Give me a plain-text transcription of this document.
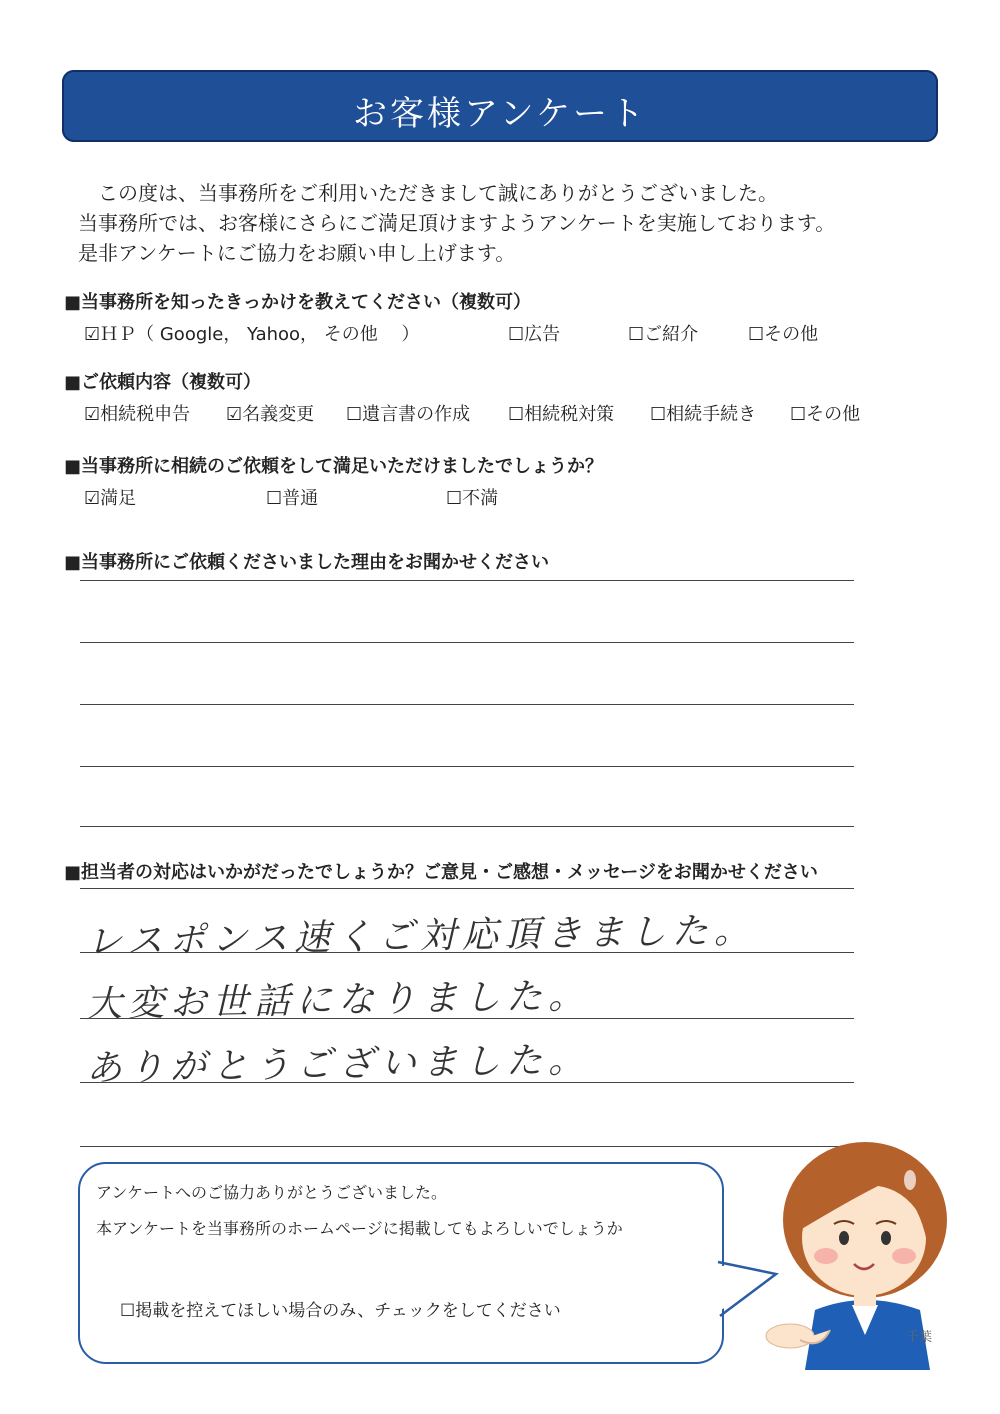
お客様アンケート
　この度は、当事務所をご利用いただきまして誠にありがとうございました。
当事務所では、お客様にさらにご満足頂けますようアンケートを実施しております。
是非アンケートにご協力をお願い申し上げます。
■当事務所を知ったきっかけを教えてください（複数可）
☑ＨＰ（ Google， Yahoo， その他　 ）	☐広告	☐ご紹介	☐その他
■ご依頼内容（複数可）
☑相続税申告 ☑名義変更 ☐遺言書の作成 ☐相続税対策 ☐相続手続き ☐その他
■当事務所に相続のご依頼をして満足いただけましたでしょうか？
☑満足	☐普通	☐不満
■当事務所にご依頼くださいました理由をお聞かせください
■担当者の対応はいかがだったでしょうか？ご意見・ご感想・メッセージをお聞かせください
レスポンス速くご対応頂きました。
大変お世話になりました。
ありがとうございました。
アンケートへのご協力ありがとうございました。
本アンケートを当事務所のホームページに掲載してもよろしいでしょうか
☐掲載を控えてほしい場合のみ、チェックをしてください
千葉
